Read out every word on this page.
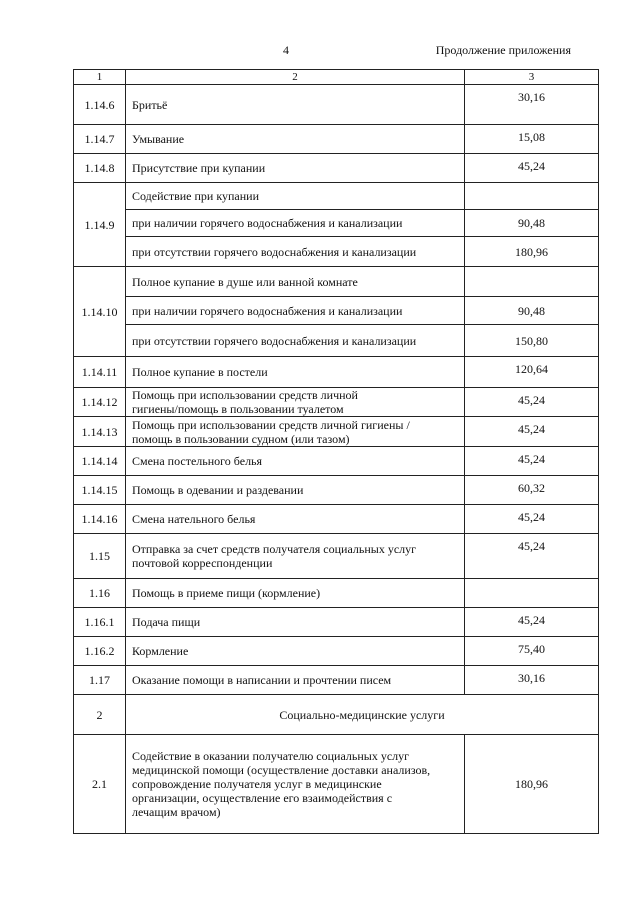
4	Продолжение приложения
1	2	3
1.14.6	Бритьё	30,16
1.14.7	Умывание	15,08
1.14.8	Присутствие при купании	45,24
1.14.9	Содействие при купании	
	при наличии горячего водоснабжения и канализации	90,48
	при отсутствии горячего водоснабжения и канализации	180,96
1.14.10	Полное купание в душе или ванной комнате	
	при наличии горячего водоснабжения и канализации	90,48
	при отсутствии горячего водоснабжения и канализации	150,80
1.14.11	Полное купание в постели	120,64
1.14.12	Помощь при использовании средств личной
гигиены/помощь в пользовании туалетом	45,24
1.14.13	Помощь при использовании средств личной гигиены /
помощь в пользовании судном (или тазом)	45,24
1.14.14	Смена постельного белья	45,24
1.14.15	Помощь в одевании и раздевании	60,32
1.14.16	Смена нательного белья	45,24
1.15	Отправка за счет средств получателя социальных услуг
почтовой корреспонденции	45,24
1.16	Помощь в приеме пищи (кормление)	
1.16.1	Подача пищи	45,24
1.16.2	Кормление	75,40
1.17	Оказание помощи в написании и прочтении писем	30,16
2	Социально-медицинские услуги	
2.1	Содействие в оказании получателю социальных услуг
медицинской помощи (осуществление доставки анализов,
сопровождение получателя услуг в медицинские
организации, осуществление его взаимодействия с
лечащим врачом)	180,96
